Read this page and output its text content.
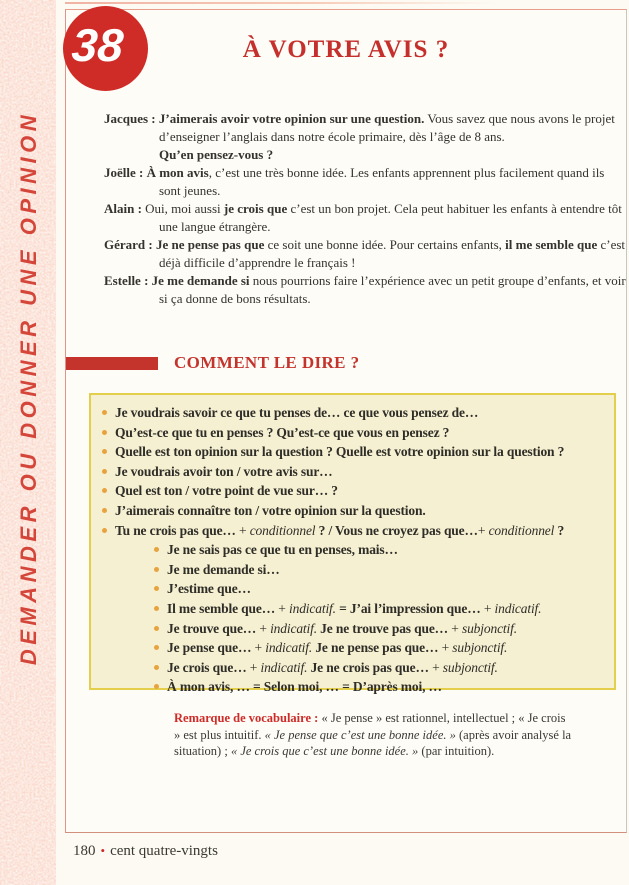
DEMANDER OU DONNER UNE OPINION
38	À VOTRE AVIS ?

Jacques : J’aimerais avoir votre opinion sur une question. Vous savez que nous avons le projet d’enseigner l’anglais dans notre école primaire, dès l’âge de 8 ans.
Qu’en pensez-vous ?

Joëlle : À mon avis, c’est une très bonne idée. Les enfants apprennent plus facilement quand ils sont jeunes.

Alain : Oui, moi aussi je crois que c’est un bon projet. Cela peut habituer les enfants à entendre tôt une langue étrangère.

Gérard : Je ne pense pas que ce soit une bonne idée. Pour certains enfants, il me semble que c’est déjà difficile d’apprendre le français !

Estelle : Je me demande si nous pourrions faire l’expérience avec un petit groupe d’enfants, et voir si ça donne de bons résultats.

COMMENT LE DIRE ?
Je voudrais savoir ce que tu penses de… ce que vous pensez de…
Qu’est-ce que tu en penses ? Qu’est-ce que vous en pensez ?
Quelle est ton opinion sur la question ? Quelle est votre opinion sur la question ?
Je voudrais avoir ton / votre avis sur…
Quel est ton / votre point de vue sur… ?
J’aimerais connaître ton / votre opinion sur la question.
Tu ne crois pas que… + conditionnel ? / Vous ne croyez pas que…+ conditionnel ?
Je ne sais pas ce que tu en penses, mais…
Je me demande si…
J’estime que…
Il me semble que… + indicatif. = J’ai l’impression que… + indicatif.
Je trouve que… + indicatif. Je ne trouve pas que… + subjonctif.
Je pense que… + indicatif. Je ne pense pas que… + subjonctif.
Je crois que… + indicatif. Je ne crois pas que… + subjonctif.
À mon avis, … = Selon moi, … = D’après moi, …
Remarque de vocabulaire : « Je pense » est rationnel, intellectuel ; « Je crois » est plus intuitif. « Je pense que c’est une bonne idée. » (après avoir analysé la situation) ; « Je crois que c’est une bonne idée. » (par intuition).
180 • cent quatre-vingts
